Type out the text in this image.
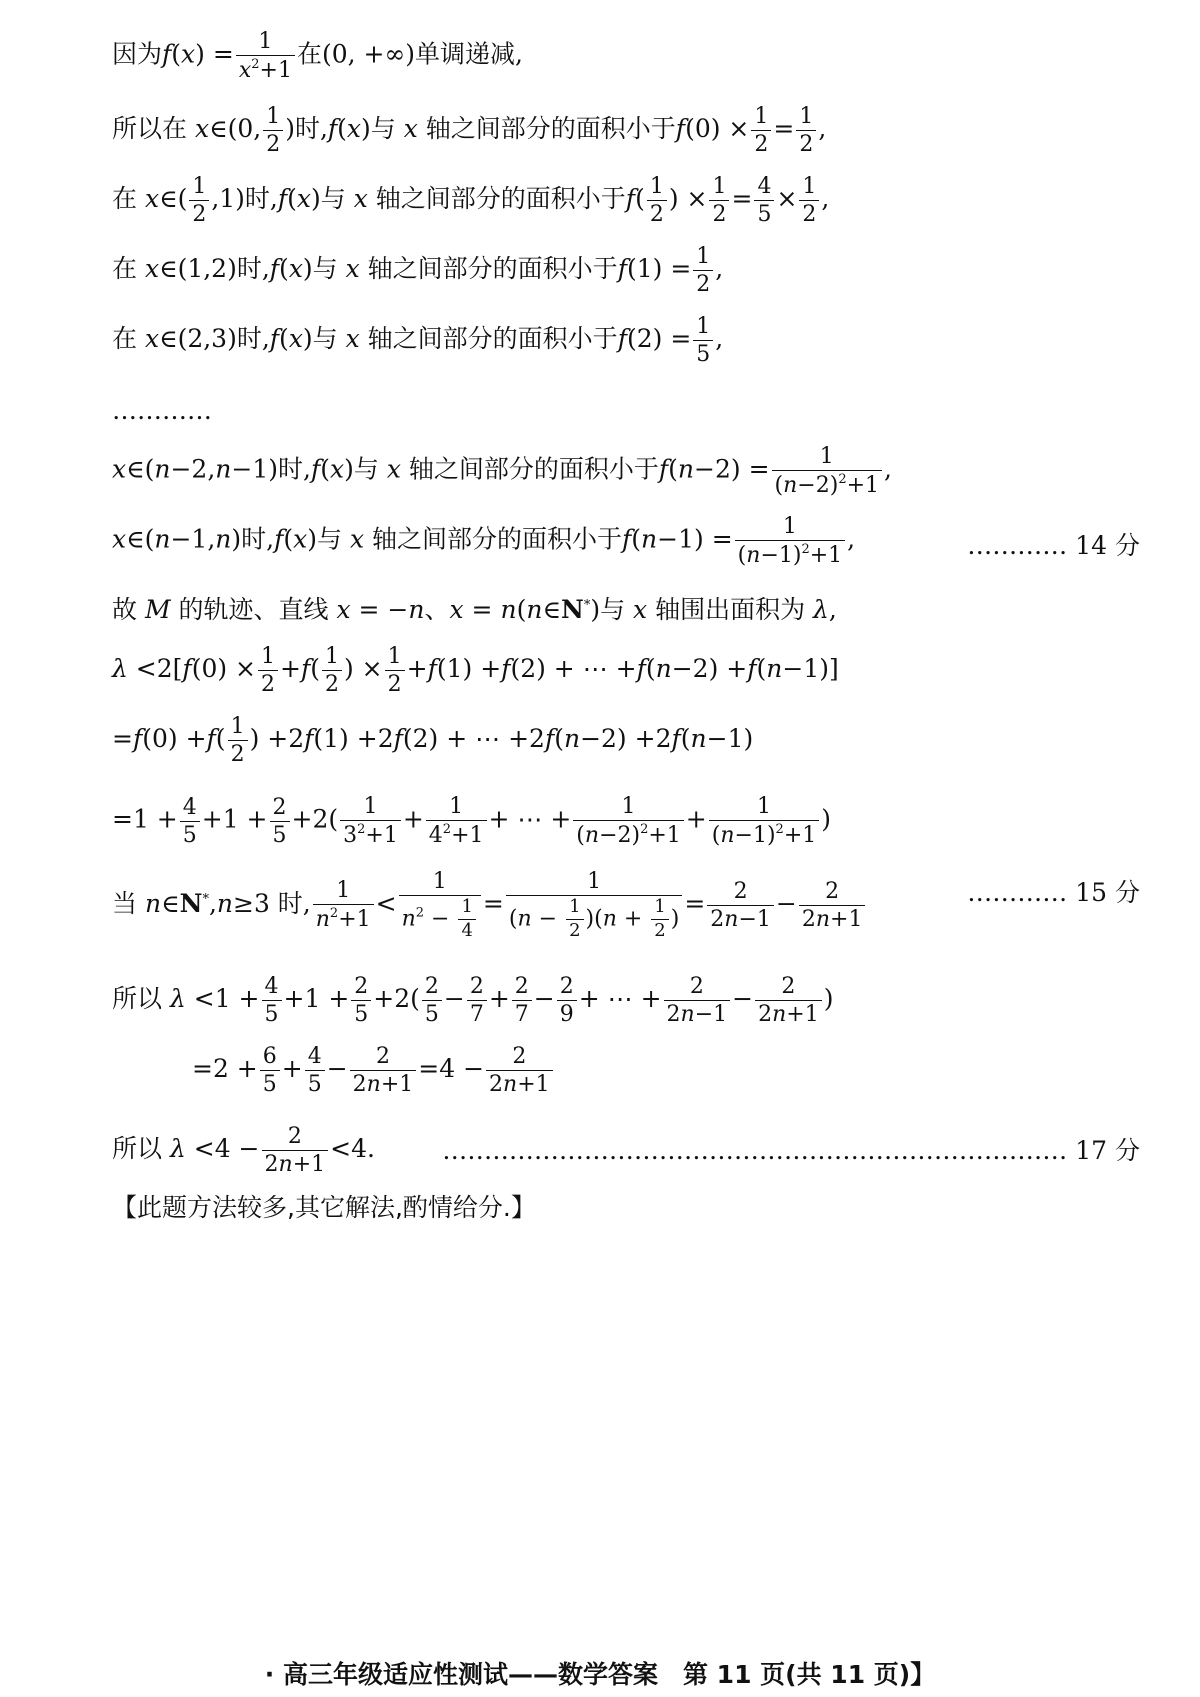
因为$f(x) = \frac{1}{x^2+1}$ 在(0, +∞)单调递减,
所以在 x∈(0, $\frac{1}{2}$ )时,f(x)与 x 轴之间部分的面积小于$f(0) \times \frac{1}{2} = \frac{1}{2}$ ,
在 x∈( $\frac{1}{2} ,1$)时,f(x)与 x 轴之间部分的面积小于$f( \frac{1}{2}$ ) × $\frac{1}{2} = \frac{4}{5} \times \frac{1}{2}$ ,
在 x∈(1,2)时,f(x)与 x 轴之间部分的面积小于$f(1) = \frac{1}{2}$ ,
在 x∈(2,3)时,f(x)与 x 轴之间部分的面积小于$f(2) = \frac{1}{5}$ ,
…………
x∈(n−2,n−1)时,f(x)与 x 轴之间部分的面积小于$f(n-2) = \frac{1}{(n-2)^2+1}$ ,
x∈(n−1,n)时,f(x)与 x 轴之间部分的面积小于$f(n-1) = \frac{1}{(n-1)^2+1}$ ,	………… 14 分
故 M 的轨迹、直线 x = −n、x = n(n∈N*)与 x 轴围出面积为 λ,
$\lambda <2[f(0) \times \frac{1}{2} +f( \frac{1}{2}$ ) × $\frac{1}{2} +f(1) +f(2)$ + ⋯ +f(n−2) +f(n−1)]
$=f(0) +f( \frac{1}{2}$ ) +2f(1) +2f(2) + ⋯ +2f(n−2) +2f(n−1)
$=1 + \frac{4}{5} +1 + \frac{2}{5} +2( \frac{1}{3^2+1} + \frac{1}{4^2+1}$ + ⋯ + $\frac{1}{(n-2)^2+1} + \frac{1}{(n-1)^2+1}$ )
当 n∈N*,n≥3 时, $\frac{1}{n^2+1} < \frac{1}{n^2 - \frac{1}{4}} = \frac{1}{(n - \frac{1}{2} )(n + \frac{1}{2} )} = \frac{2}{2n-1} - \frac{2}{2n+1}$	………… 15 分
所以 $\lambda <1 + \frac{4}{5} +1 + \frac{2}{5} +2( \frac{2}{5} - \frac{2}{7} + \frac{2}{7} - \frac{2}{9}$ + ⋯ + $\frac{2}{2n-1} - \frac{2}{2n+1}$ )
$=2 + \frac{6}{5} + \frac{4}{5} - \frac{2}{2n+1} =4 - \frac{2}{2n+1}$
所以 $\lambda <4 - \frac{2}{2n+1} <4$.	………………………………………………………………… 17 分
【此题方法较多,其它解法,酌情给分.】
· 高三年级适应性测试——数学答案　第 11 页(共 11 页)】
